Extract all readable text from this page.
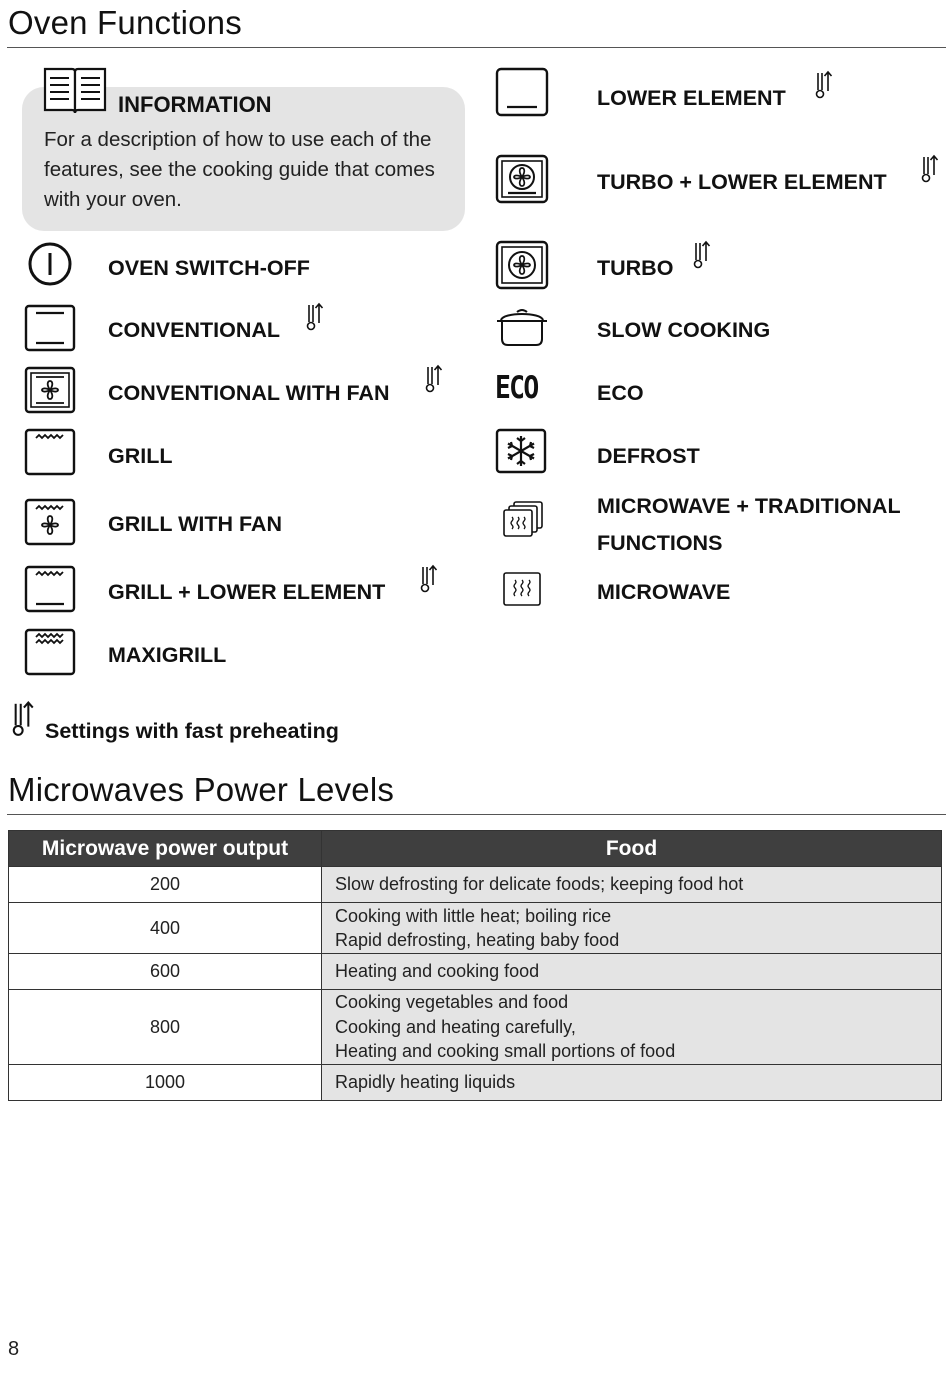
Oven Functions
INFORMATION
For a description of how to use each of the features, see the cooking guide that comes with your oven.
OVEN SWITCH-OFF
CONVENTIONAL
CONVENTIONAL WITH FAN
GRILL
GRILL WITH FAN
GRILL + LOWER ELEMENT
MAXIGRILL
LOWER ELEMENT
TURBO + LOWER ELEMENT
TURBO
SLOW COOKING
ECO	ECO
DEFROST
MICROWAVE + TRADITIONAL FUNCTIONS
MICROWAVE
Settings with fast preheating
Microwaves Power Levels
Microwave power output	Food
200	Slow defrosting for delicate foods; keeping food hot

400	Cooking with little heat; boiling rice
Rapid defrosting, heating baby food

600	Heating and cooking food

800	Cooking vegetables and food
Cooking and heating carefully,
Heating and cooking small portions of food

1000	Rapidly heating liquids
8
